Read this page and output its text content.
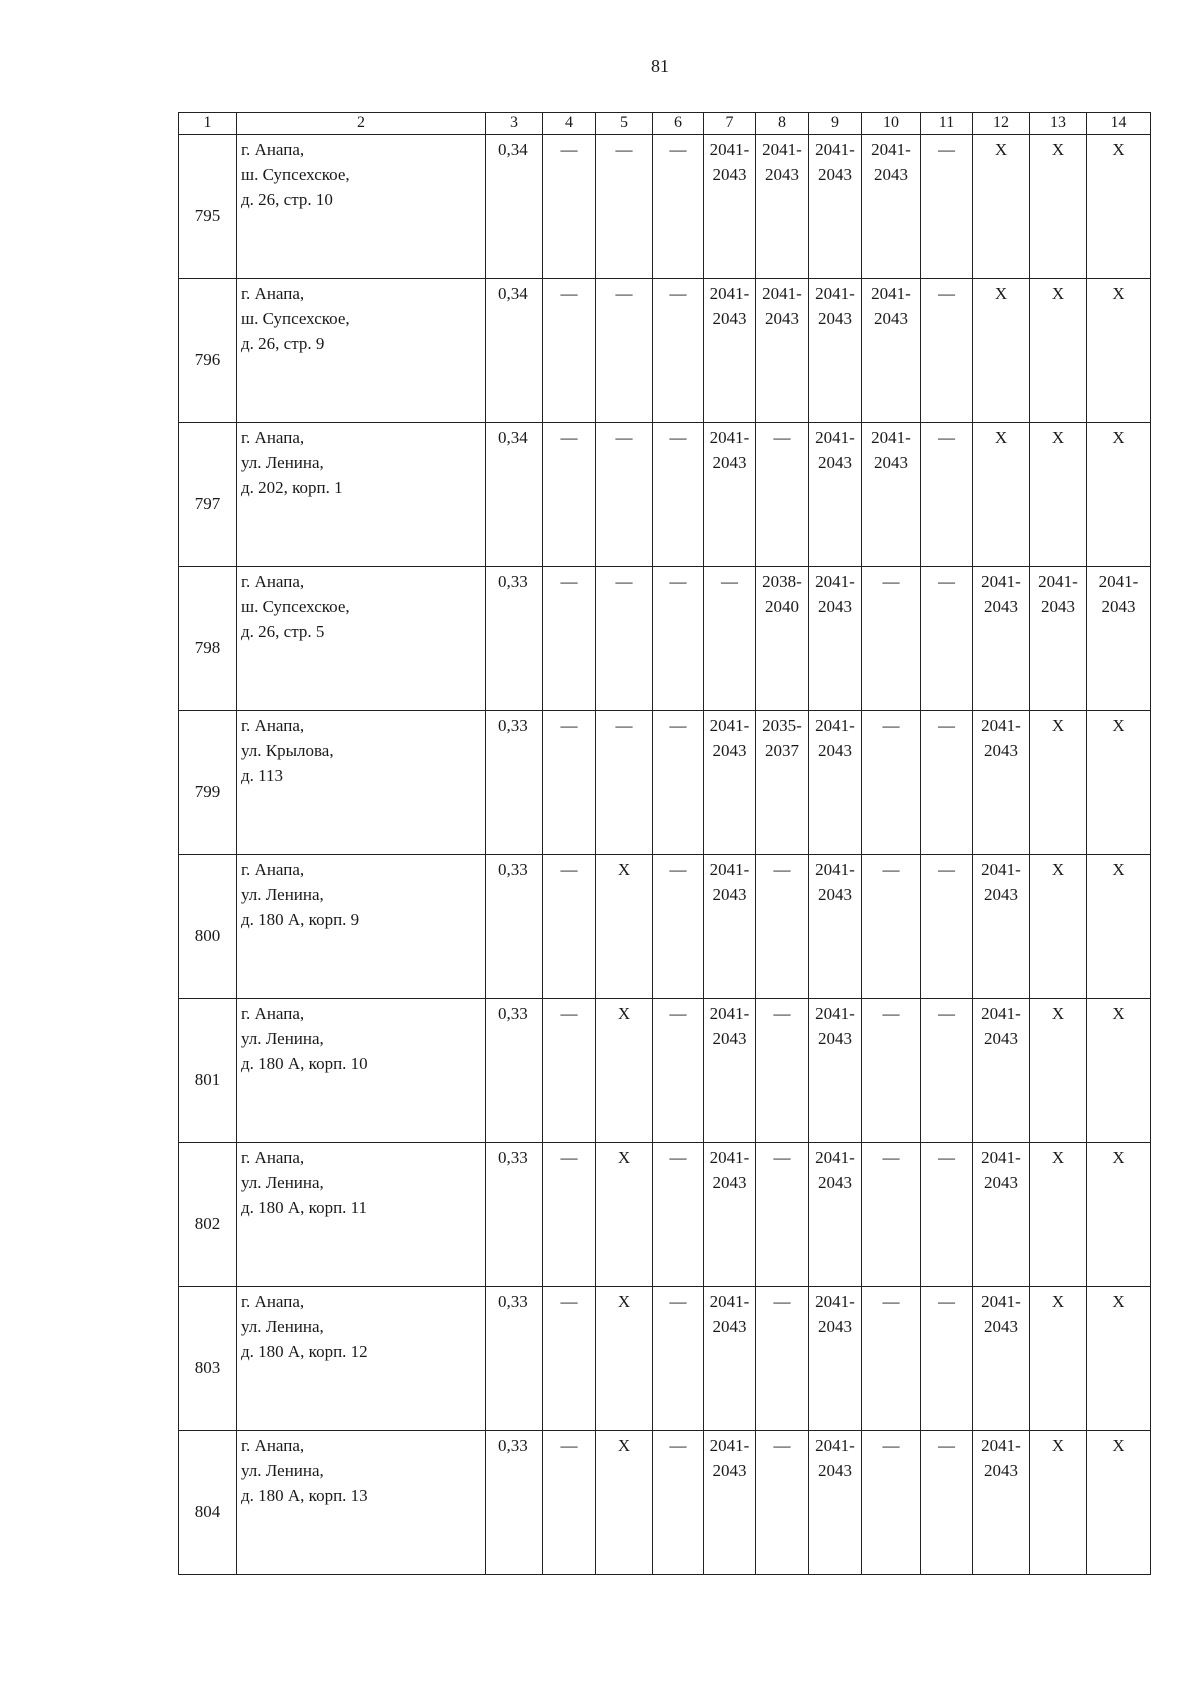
81
1	2	3	4	5	6	7	8	9	10	11	12	13	14
795	г. Анапа,
ш. Супсехское,
д. 26, стр. 10	0,34	—	—	—	2041-
2043	2041-
2043	2041-
2043	2041-
2043	—	X	X	X

796	г. Анапа,
ш. Супсехское,
д. 26, стр. 9	0,34	—	—	—	2041-
2043	2041-
2043	2041-
2043	2041-
2043	—	X	X	X

797	г. Анапа,
ул. Ленина,
д. 202, корп. 1	0,34	—	—	—	2041-
2043	—	2041-
2043	2041-
2043	—	X	X	X

798	г. Анапа,
ш. Супсехское,
д. 26, стр. 5	0,33	—	—	—	—	2038-
2040	2041-
2043	—	—	2041-
2043	2041-
2043	2041-
2043

799	г. Анапа,
ул. Крылова,
д. 113	0,33	—	—	—	2041-
2043	2035-
2037	2041-
2043	—	—	2041-
2043	X	X

800	г. Анапа,
ул. Ленина,
д. 180 А, корп. 9	0,33	—	X	—	2041-
2043	—	2041-
2043	—	—	2041-
2043	X	X

801	г. Анапа,
ул. Ленина,
д. 180 А, корп. 10	0,33	—	X	—	2041-
2043	—	2041-
2043	—	—	2041-
2043	X	X

802	г. Анапа,
ул. Ленина,
д. 180 А, корп. 11	0,33	—	X	—	2041-
2043	—	2041-
2043	—	—	2041-
2043	X	X

803	г. Анапа,
ул. Ленина,
д. 180 А, корп. 12	0,33	—	X	—	2041-
2043	—	2041-
2043	—	—	2041-
2043	X	X

804	г. Анапа,
ул. Ленина,
д. 180 А, корп. 13	0,33	—	X	—	2041-
2043	—	2041-
2043	—	—	2041-
2043	X	X
